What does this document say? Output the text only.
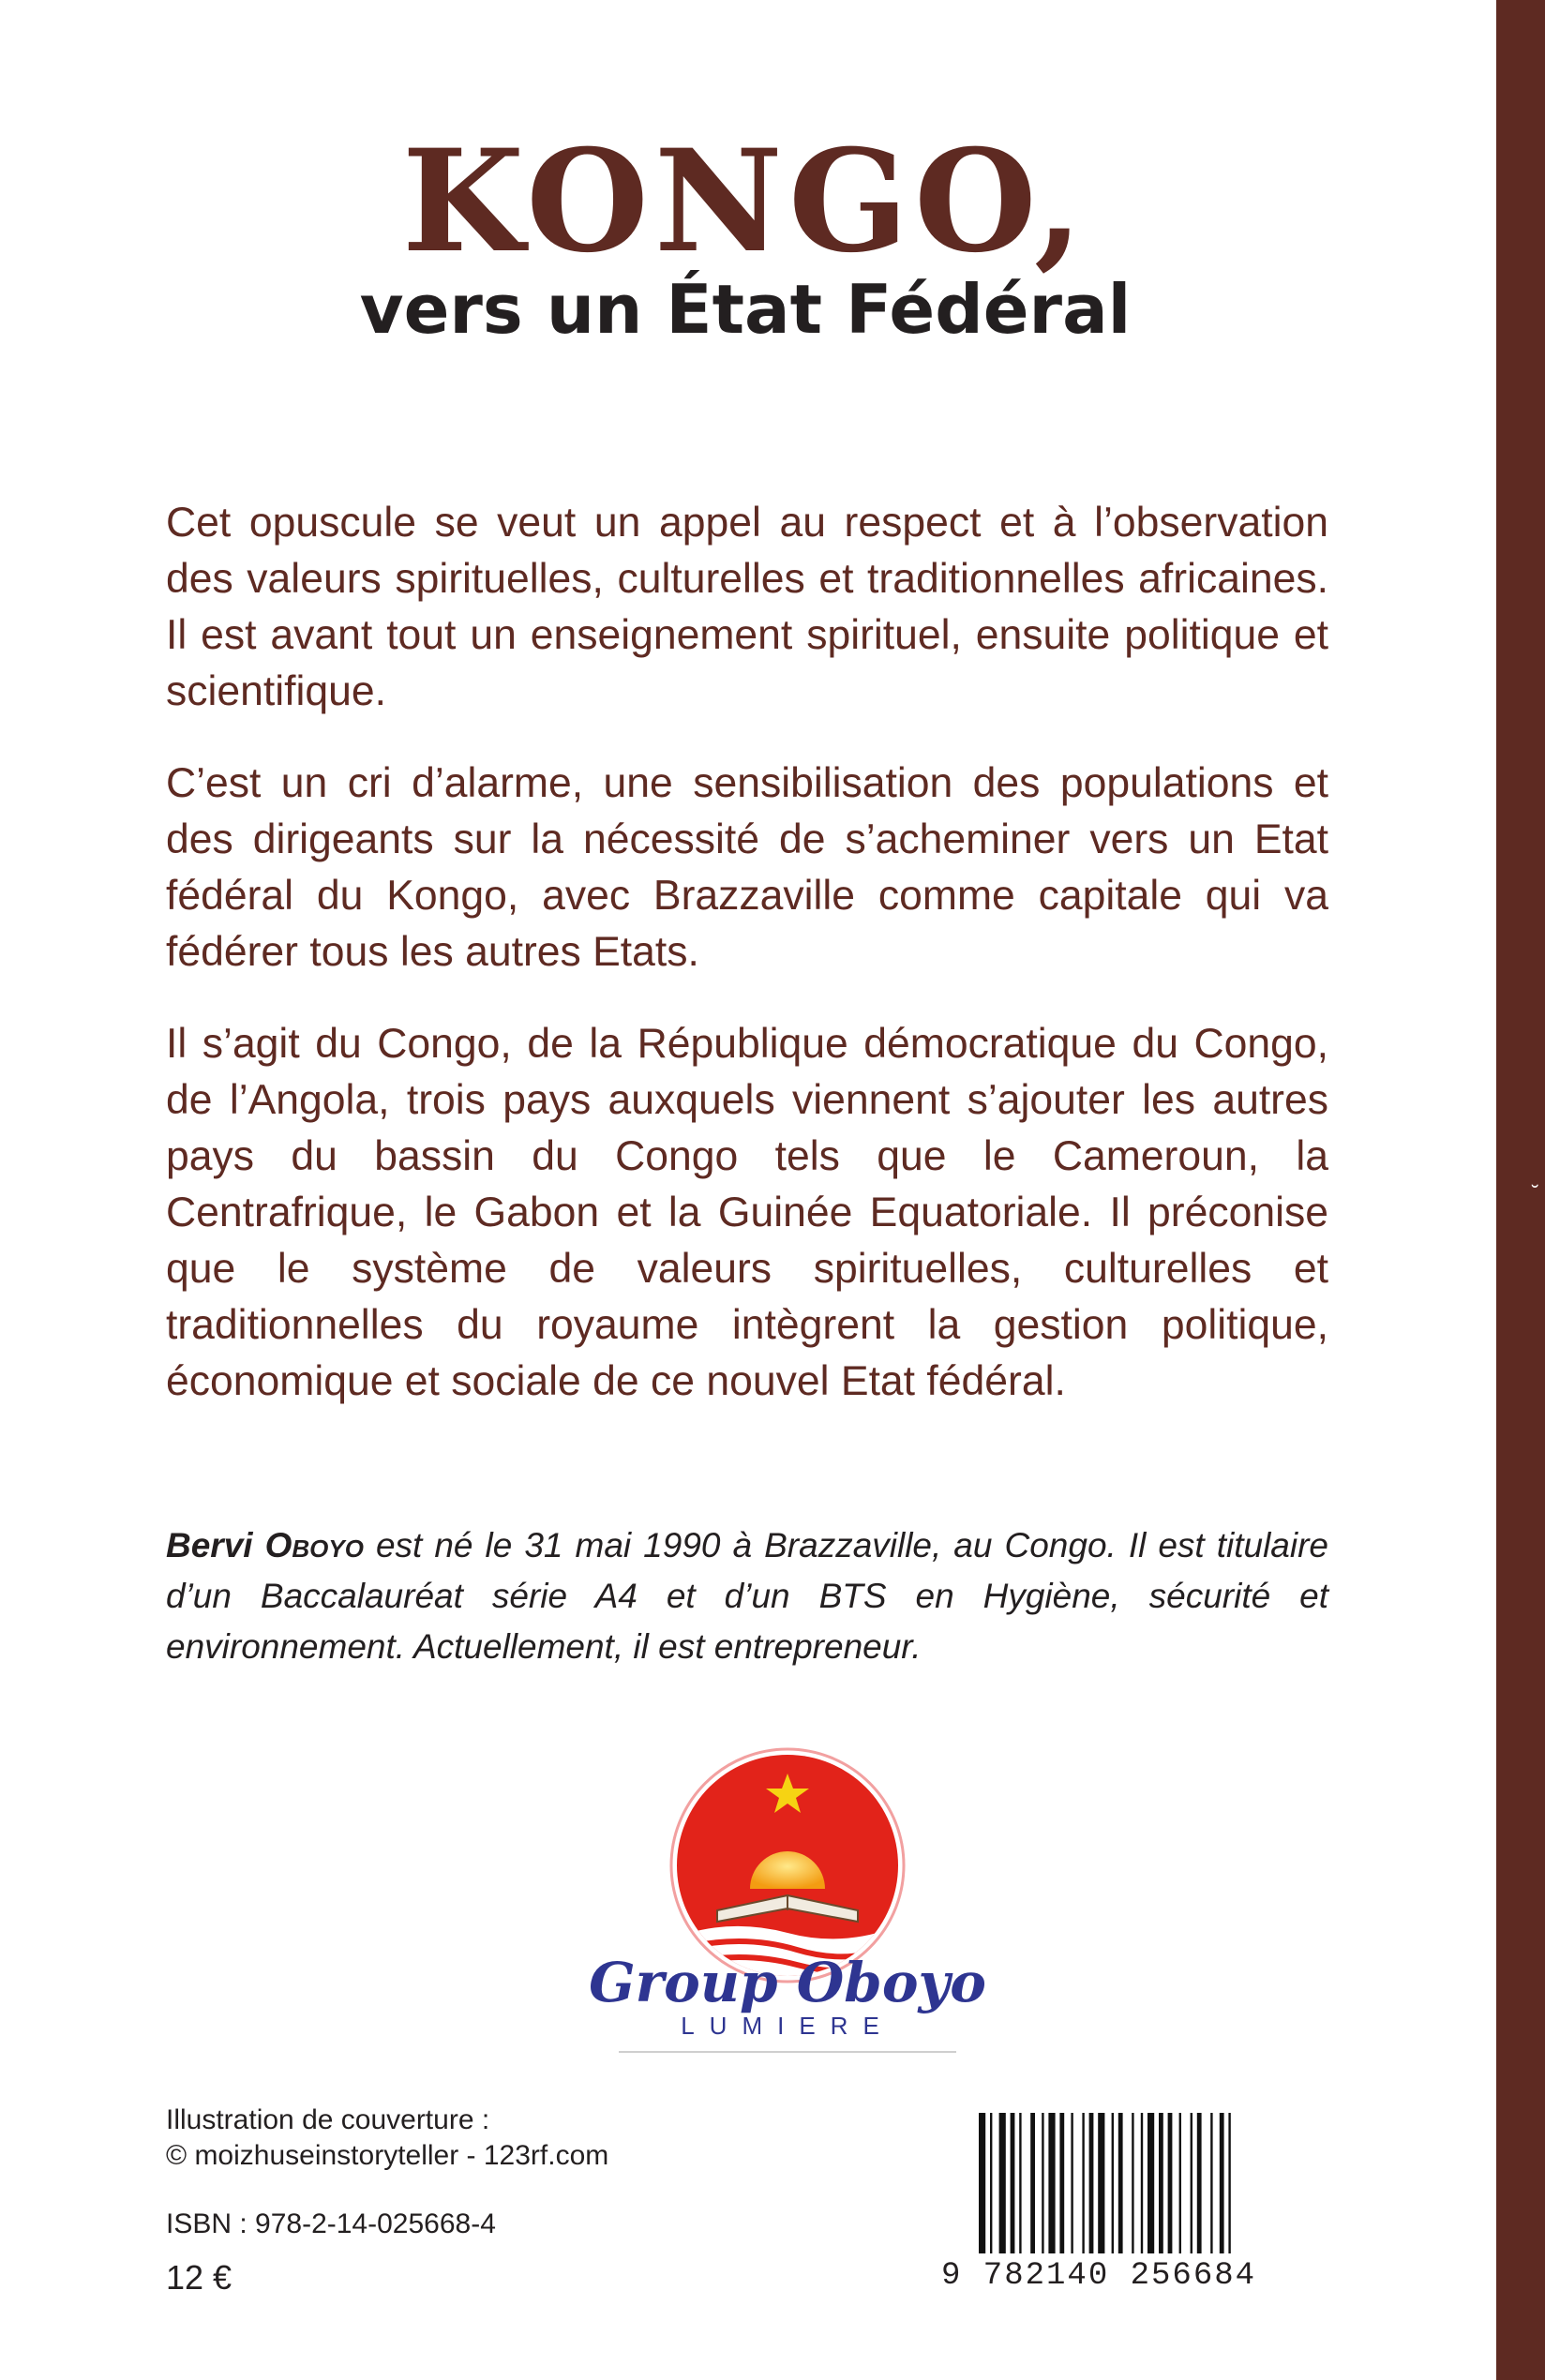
˘
KONGO,
vers un État Fédéral

Cet opuscule se veut un appel au respect et à l’observation des valeurs spirituelles, culturelles et traditionnelles africaines. Il est avant tout un enseignement spirituel, ensuite politique et scientifique.

C’est un cri d’alarme, une sensibilisation des populations et des dirigeants sur la nécessité de s’acheminer vers un Etat fédéral du Kongo, avec Brazzaville comme capitale qui va fédérer tous les autres Etats.

Il s’agit du Congo, de la République démocratique du Congo, de l’Angola, trois pays auxquels viennent s’ajouter les autres pays du bassin du Congo tels que le Cameroun, la Centrafrique, le Gabon et la Guinée Equatoriale. Il préconise que le système de valeurs spirituelles, culturelles et traditionnelles du royaume intègrent la gestion politique, économique et sociale de ce nouvel Etat fédéral.

Bervi Oboyo est né le 31 mai 1990 à Brazzaville, au Congo. Il est titulaire d’un Baccalauréat série A4 et d’un BTS en Hygiène, sécurité et environnement. Actuellement, il est entrepreneur.

Group Oboyo
LUMIERE
Illustration de couverture :
© moizhuseinstoryteller - 123rf.com
ISBN : 978-2-14-025668-4
12 €	9 782140 256684
